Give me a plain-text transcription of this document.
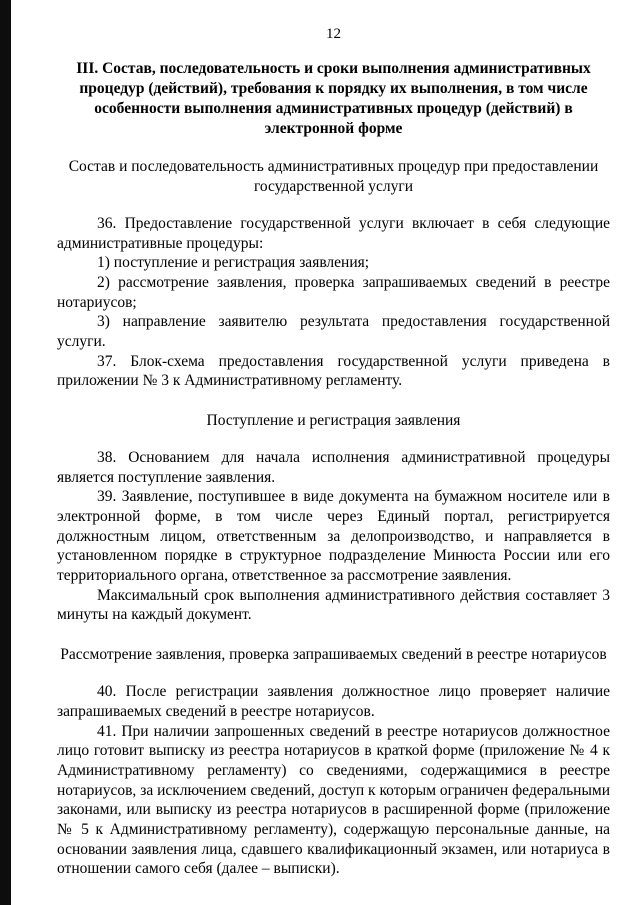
12
III. Состав, последовательность и сроки выполнения административных процедур (действий), требования к порядку их выполнения, в том числе особенности выполнения административных процедур (действий) в электронной форме
Состав и последовательность административных процедур при предоставлении государственной услуги

36. Предоставление государственной услуги включает в себя следующие административные процедуры:

1) поступление и регистрация заявления;

2) рассмотрение заявления, проверка запрашиваемых сведений в реестре нотариусов;

3) направление заявителю результата предоставления государственной услуги.

37. Блок-схема предоставления государственной услуги приведена в приложении № 3 к Административному регламенту.

Поступление и регистрация заявления

38. Основанием для начала исполнения административной процедуры является поступление заявления.

39. Заявление, поступившее в виде документа на бумажном носителе или в электронной форме, в том числе через Единый портал, регистрируется должностным лицом, ответственным за делопроизводство, и направляется в установленном порядке в структурное подразделение Минюста России или его территориального органа, ответственное за рассмотрение заявления.

Максимальный срок выполнения административного действия составляет 3 минуты на каждый документ.

Рассмотрение заявления, проверка запрашиваемых сведений в реестре нотариусов

40. После регистрации заявления должностное лицо проверяет наличие запрашиваемых сведений в реестре нотариусов.

41. При наличии запрошенных сведений в реестре нотариусов должностное лицо готовит выписку из реестра нотариусов в краткой форме (приложение № 4 к Административному регламенту) со сведениями, содержащимися в реестре нотариусов, за исключением сведений, доступ к которым ограничен федеральными законами, или выписку из реестра нотариусов в расширенной форме (приложение № 5 к Административному регламенту), содержащую персональные данные, на основании заявления лица, сдавшего квалификационный экзамен, или нотариуса в отношении самого себя (далее – выписки).
